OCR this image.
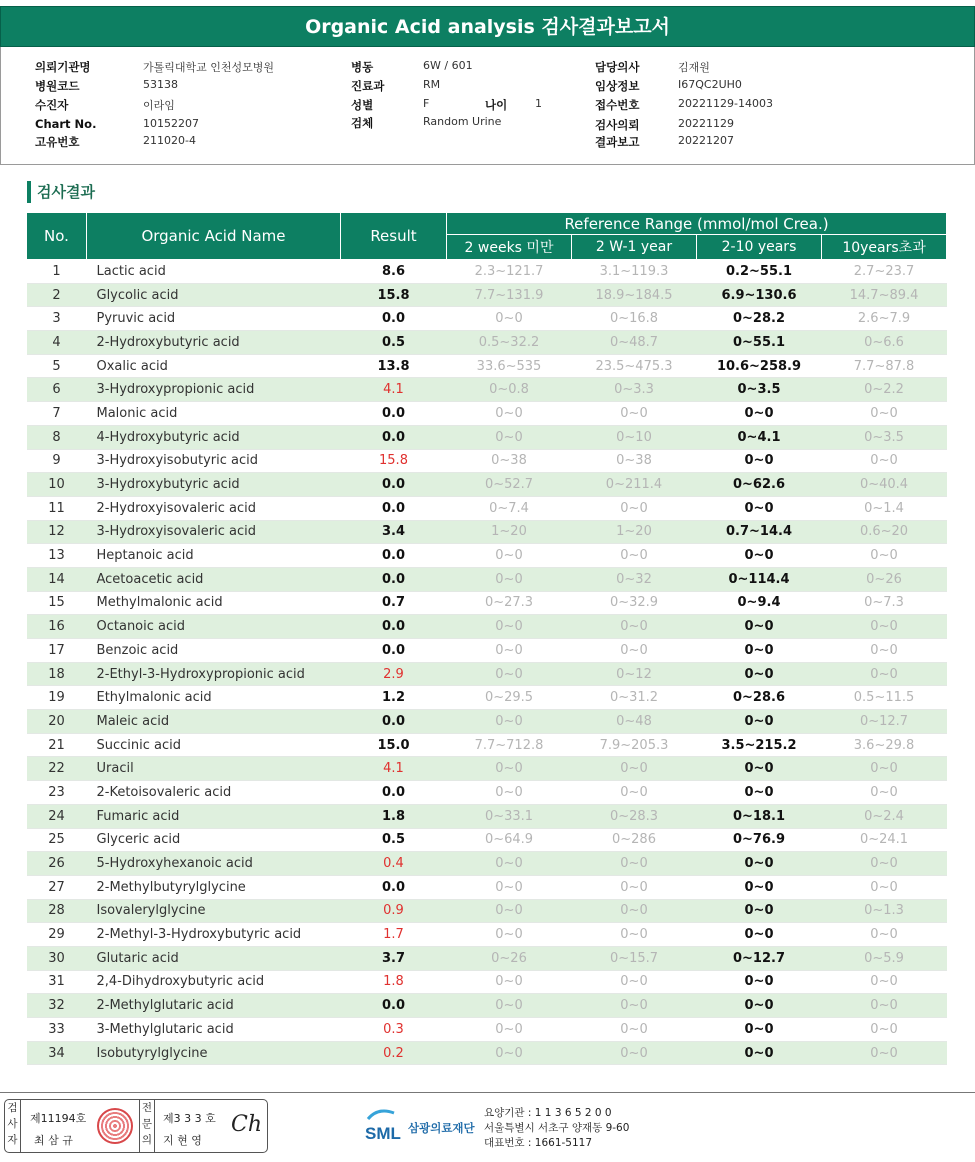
Organic Acid analysis 검사결과보고서
의뢰기관명	가톨릭대학교 인천성모병원
병원코드	53138
수진자	이라임
Chart No.	10152207
고유번호	211020-4
병동	6W / 601
진료과	RM
성별	F	나이	1
검체	Random Urine
담당의사	김재원
임상정보	I67QC2UH0
접수번호	20221129-14003
검사의뢰	20221129
결과보고	20221207
검사결과
No.	Organic Acid Name	Result	Reference Range (mmol/mol Crea.)			
			2 weeks 미만	2 W-1 year	2-10 years	10years초과
1	Lactic acid	8.6	2.3~121.7	3.1~119.3	0.2~55.1	2.7~23.7
2	Glycolic acid	15.8	7.7~131.9	18.9~184.5	6.9~130.6	14.7~89.4
3	Pyruvic acid	0.0	0~0	0~16.8	0~28.2	2.6~7.9
4	2-Hydroxybutyric acid	0.5	0.5~32.2	0~48.7	0~55.1	0~6.6
5	Oxalic acid	13.8	33.6~535	23.5~475.3	10.6~258.9	7.7~87.8
6	3-Hydroxypropionic acid	4.1	0~0.8	0~3.3	0~3.5	0~2.2
7	Malonic acid	0.0	0~0	0~0	0~0	0~0
8	4-Hydroxybutyric acid	0.0	0~0	0~10	0~4.1	0~3.5
9	3-Hydroxyisobutyric acid	15.8	0~38	0~38	0~0	0~0
10	3-Hydroxybutyric acid	0.0	0~52.7	0~211.4	0~62.6	0~40.4
11	2-Hydroxyisovaleric acid	0.0	0~7.4	0~0	0~0	0~1.4
12	3-Hydroxyisovaleric acid	3.4	1~20	1~20	0.7~14.4	0.6~20
13	Heptanoic acid	0.0	0~0	0~0	0~0	0~0
14	Acetoacetic acid	0.0	0~0	0~32	0~114.4	0~26
15	Methylmalonic acid	0.7	0~27.3	0~32.9	0~9.4	0~7.3
16	Octanoic acid	0.0	0~0	0~0	0~0	0~0
17	Benzoic acid	0.0	0~0	0~0	0~0	0~0
18	2-Ethyl-3-Hydroxypropionic acid	2.9	0~0	0~12	0~0	0~0
19	Ethylmalonic acid	1.2	0~29.5	0~31.2	0~28.6	0.5~11.5
20	Maleic acid	0.0	0~0	0~48	0~0	0~12.7
21	Succinic acid	15.0	7.7~712.8	7.9~205.3	3.5~215.2	3.6~29.8
22	Uracil	4.1	0~0	0~0	0~0	0~0
23	2-Ketoisovaleric acid	0.0	0~0	0~0	0~0	0~0
24	Fumaric acid	1.8	0~33.1	0~28.3	0~18.1	0~2.4
25	Glyceric acid	0.5	0~64.9	0~286	0~76.9	0~24.1
26	5-Hydroxyhexanoic acid	0.4	0~0	0~0	0~0	0~0
27	2-Methylbutyrylglycine	0.0	0~0	0~0	0~0	0~0
28	Isovalerylglycine	0.9	0~0	0~0	0~0	0~1.3
29	2-Methyl-3-Hydroxybutyric acid	1.7	0~0	0~0	0~0	0~0
30	Glutaric acid	3.7	0~26	0~15.7	0~12.7	0~5.9
31	2,4-Dihydroxybutyric acid	1.8	0~0	0~0	0~0	0~0
32	2-Methylglutaric acid	0.0	0~0	0~0	0~0	0~0
33	3-Methylglutaric acid	0.3	0~0	0~0	0~0	0~0
34	Isobutyrylglycine	0.2	0~0	0~0	0~0	0~0
검사자
제11194호
최 삼 규
전문의
제3 3 3 호
지 현 영
Ch	SML 삼광의료재단
요양기관 : 1 1 3 6 5 2 0 0
서울특별시 서초구 양재동 9-60
대표번호 : 1661-5117
